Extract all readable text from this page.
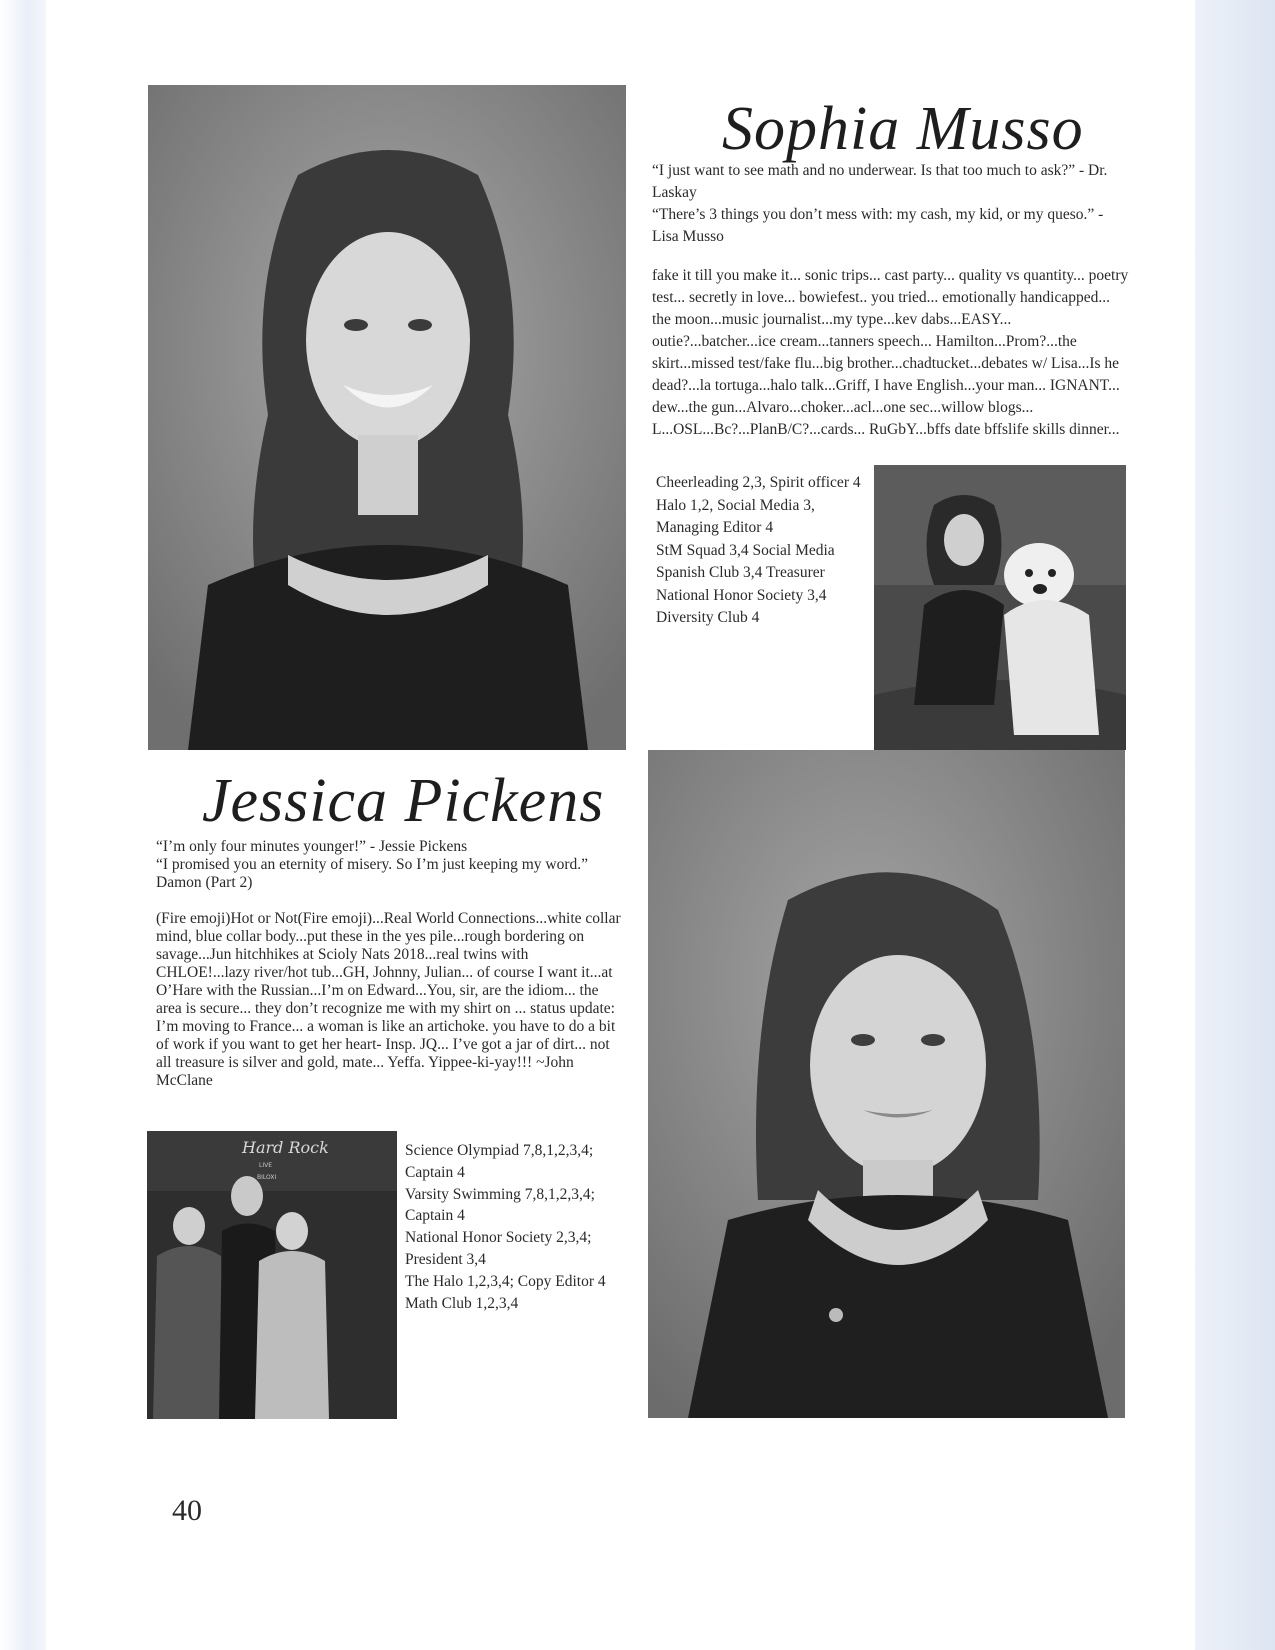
Sophia Musso

“I just want to see math and no underwear. Is that too much to ask?” - Dr. Laskay

“There’s 3 things you don’t mess with: my cash, my kid, or my queso.” - Lisa Musso

fake it till you make it... sonic trips... cast party... quality vs quantity... poetry test... secretly in love... bowiefest.. you tried... emotionally handicapped... the moon...music journalist...my type...kev dabs...EASY... outie?...batcher...ice cream...tanners speech... Hamilton...Prom?...the skirt...missed test/fake flu...big brother...chadtucket...debates w/ Lisa...Is he dead?...la tortuga...halo talk...Griff, I have English...your man... IGNANT... dew...the gun...Alvaro...choker...acl...one sec...willow blogs... L...OSL...Bc?...PlanB/C?...cards... RuGbY...bffs date bffslife skills dinner...
Cheerleading 2,3, Spirit officer 4
Halo 1,2, Social Media 3,
Managing Editor 4
StM Squad 3,4 Social Media
Spanish Club 3,4 Treasurer
National Honor Society 3,4
Diversity Club 4
Jessica Pickens

“I’m only four minutes younger!” - Jessie Pickens

“I promised you an eternity of misery. So I’m just keeping my word.” Damon (Part 2)

(Fire emoji)Hot or Not(Fire emoji)...Real World Connections...white collar mind, blue collar body...put these in the yes pile...rough bordering on savage...Jun hitchhikes at Scioly Nats 2018...real twins with CHLOE!...lazy river/hot tub...GH, Johnny, Julian... of course I want it...at O’Hare with the Russian...I’m on Edward...You, sir, are the idiom... the area is secure... they don’t recognize me with my shirt on ... status update: I’m moving to France... a woman is like an artichoke. you have to do a bit of work if you want to get her heart- Insp. JQ... I’ve got a jar of dirt... not all treasure is silver and gold, mate... Yeffa. Yippee-ki-yay!!! ~John McClane
Hard Rock
LIVE
BILOXI
Science Olympiad 7,8,1,2,3,4;
Captain 4
Varsity Swimming 7,8,1,2,3,4;
Captain 4
National Honor Society 2,3,4;
President 3,4
The Halo 1,2,3,4; Copy Editor 4
Math Club 1,2,3,4
40
